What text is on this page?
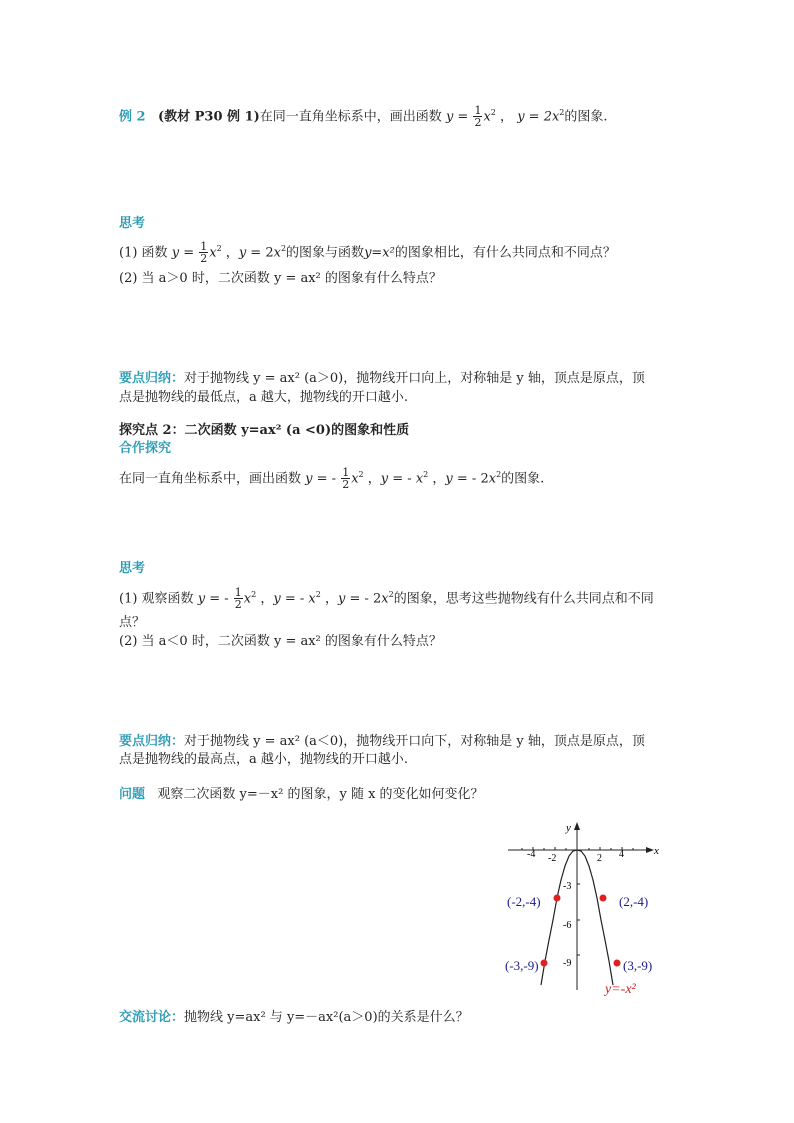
例 2 (教材 P30 例 1)在同一直角坐标系中，画出函数 $y = \frac{1}{2} x^2$ ， $y = 2x^2$的图象.
思考
(1) 函数 $y = \frac{1}{2} x^2$ ，$y = 2x^2$的图象与函数y=x²的图象相比，有什么共同点和不同点？
(2) 当 a＞0 时，二次函数 y = ax² 的图象有什么特点？
要点归纳：对于抛物线 y = ax² (a＞0)，抛物线开口向上，对称轴是 y 轴，顶点是原点，顶
点是抛物线的最低点，a 越大，抛物线的开口越小.
探究点 2：二次函数 y=ax² (a <0)的图象和性质
合作探究
在同一直角坐标系中，画出函数 y = - $\frac{1}{2} x^2$ ，y = - $x^2$ ，y = - $2x^2$的图象.
思考
(1) 观察函数 y = - $\frac{1}{2} x^2$ ，y = - $x^2$ ，y = - $2x^2$的图象，思考这些抛物线有什么共同点和不同
点？
(2) 当 a＜0 时，二次函数 y = ax² 的图象有什么特点？
要点归纳：对于抛物线 y = ax² (a＜0)，抛物线开口向下，对称轴是 y 轴，顶点是原点，顶
点是抛物线的最高点，a 越小，抛物线的开口越小.
问题 观察二次函数 y=－x² 的图象，y 随 x 的变化如何变化？
x
y
-4 -2	2 4
-3
-6
-9
(-2,-4)	(2,-4)
(-3,-9)	(3,-9)
y=-x²
交流讨论：抛物线 y=ax² 与 y=－ax²(a＞0)的关系是什么？
